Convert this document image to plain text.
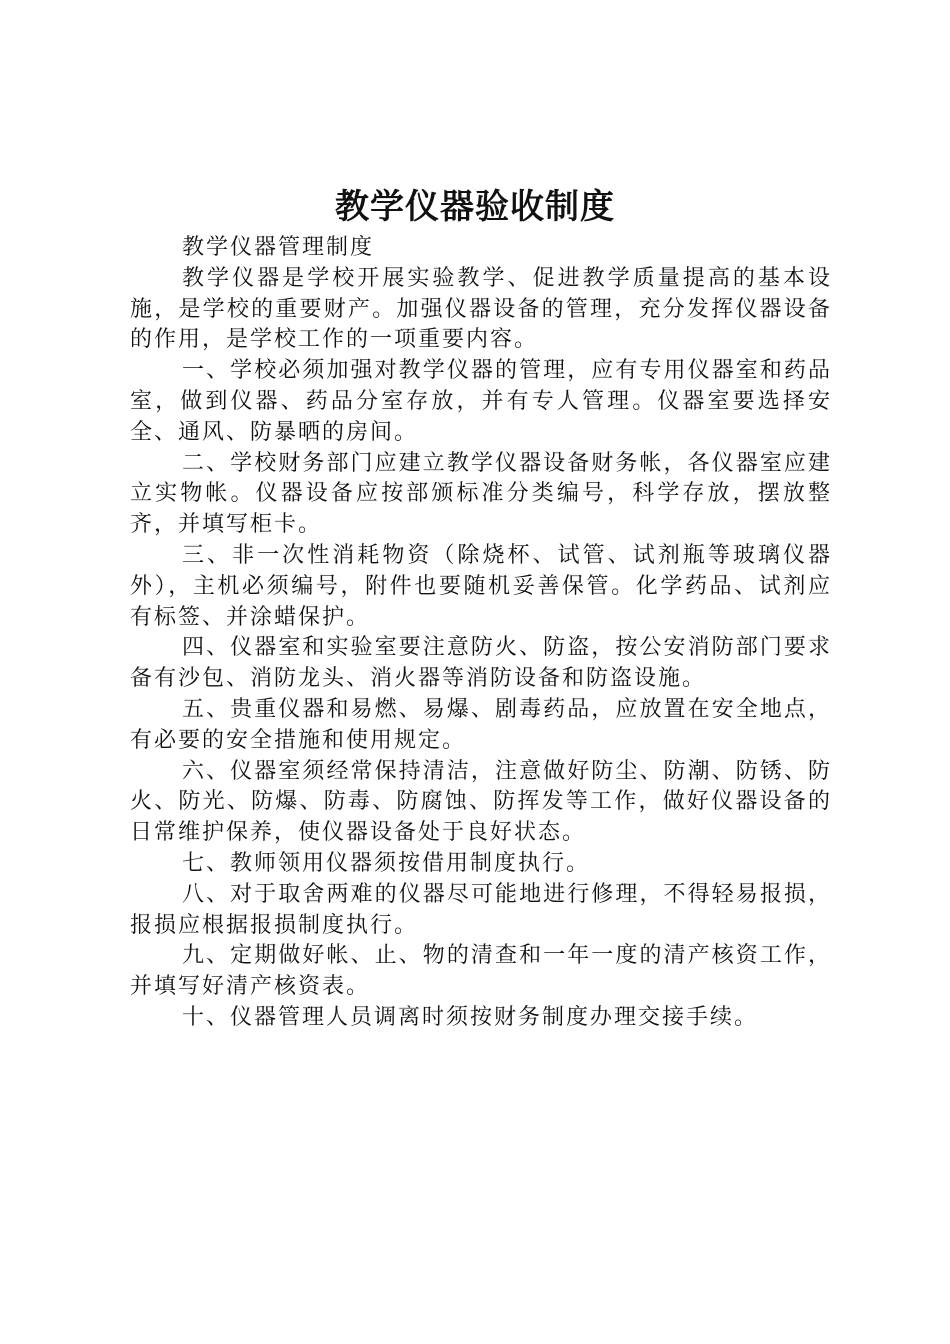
教学仪器验收制度

教学仪器管理制度

教学仪器是学校开展实验教学、促进教学质量提高的基本设施，是学校的重要财产。加强仪器设备的管理，充分发挥仪器设备的作用，是学校工作的一项重要内容。

一、学校必须加强对教学仪器的管理，应有专用仪器室和药品室，做到仪器、药品分室存放，并有专人管理。仪器室要选择安全、通风、防暴晒的房间。

二、学校财务部门应建立教学仪器设备财务帐，各仪器室应建立实物帐。仪器设备应按部颁标准分类编号，科学存放，摆放整齐，并填写柜卡。

三、非一次性消耗物资（除烧杯、试管、试剂瓶等玻璃仪器外），主机必须编号，附件也要随机妥善保管。化学药品、试剂应有标签、并涂蜡保护。

四、仪器室和实验室要注意防火、防盗，按公安消防部门要求备有沙包、消防龙头、消火器等消防设备和防盗设施。

五、贵重仪器和易燃、易爆、剧毒药品，应放置在安全地点，有必要的安全措施和使用规定。

六、仪器室须经常保持清洁，注意做好防尘、防潮、防锈、防火、防光、防爆、防毒、防腐蚀、防挥发等工作，做好仪器设备的日常维护保养，使仪器设备处于良好状态。

七、教师领用仪器须按借用制度执行。

八、对于取舍两难的仪器尽可能地进行修理，不得轻易报损，报损应根据报损制度执行。

九、定期做好帐、止、物的清查和一年一度的清产核资工作，并填写好清产核资表。

十、仪器管理人员调离时须按财务制度办理交接手续。
